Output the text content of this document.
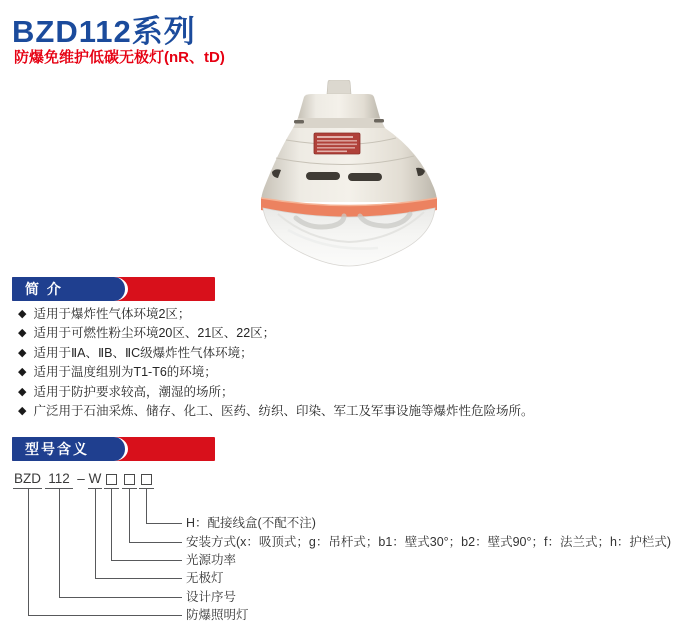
BZD112系列
防爆免维护低碳无极灯(nR、tD)
简 介
◆ 适用于爆炸性气体环境2区；
◆ 适用于可燃性粉尘环境20区、21区、22区；
◆ 适用于ⅡA、ⅡB、ⅡC级爆炸性气体环境；
◆ 适用于温度组别为T1-T6的环境；
◆ 适用于防护要求较高，潮湿的场所；
◆ 广泛用于石油采炼、储存、化工、医药、纺织、印染、军工及军事设施等爆炸性危险场所。
型号含义
BZD 112 – W
H：配接线盒(不配不注)
安装方式(x：吸顶式；g：吊杆式；b1：壁式30°；b2：壁式90°；f：法兰式；h：护栏式)
光源功率
无极灯
设计序号
防爆照明灯
